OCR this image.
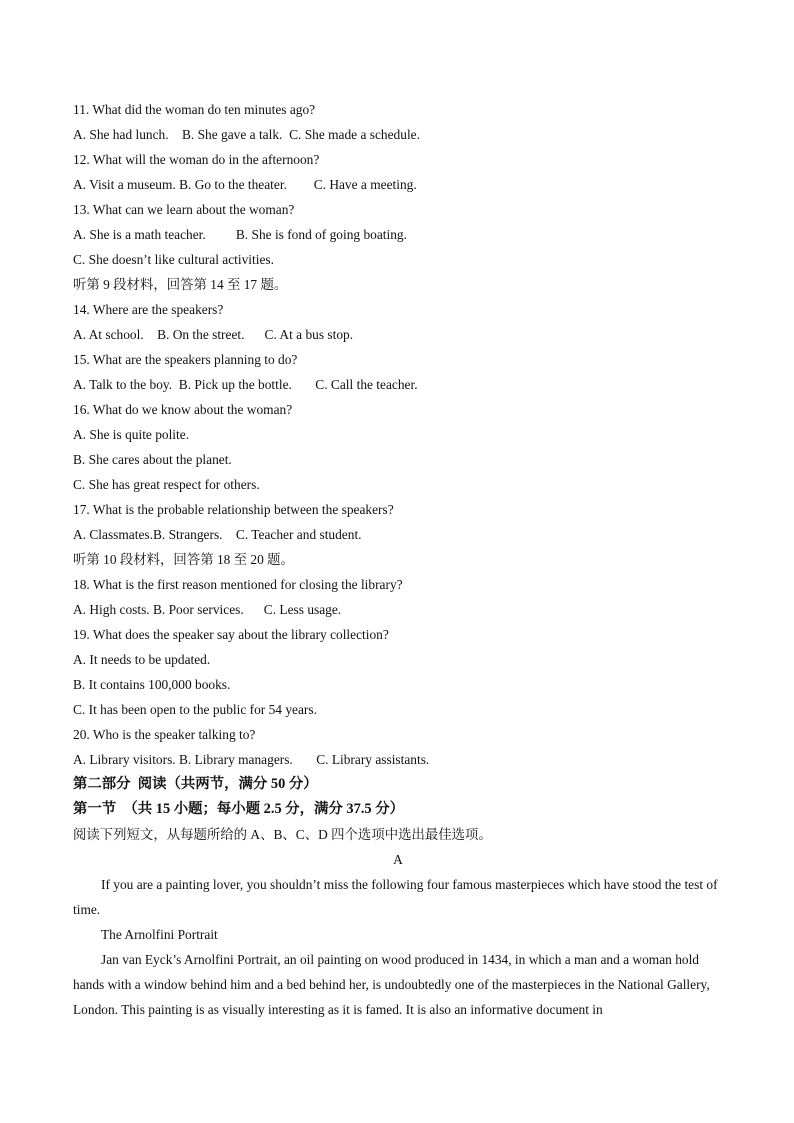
11. What did the woman do ten minutes ago?
A. She had lunch.    B. She gave a talk.  C. She made a schedule.
12. What will the woman do in the afternoon?
A. Visit a museum. B. Go to the theater.        C. Have a meeting.
13. What can we learn about the woman?
A. She is a math teacher.         B. She is fond of going boating.
C. She doesn’t like cultural activities.
听第 9 段材料，回答第 14 至 17 题。
14. Where are the speakers?
A. At school.    B. On the street.      C. At a bus stop.
15. What are the speakers planning to do?
A. Talk to the boy.  B. Pick up the bottle.       C. Call the teacher.
16. What do we know about the woman?
A. She is quite polite.
B. She cares about the planet.
C. She has great respect for others.
17. What is the probable relationship between the speakers?
A. Classmates.B. Strangers.    C. Teacher and student.
听第 10 段材料，回答第 18 至 20 题。
18. What is the first reason mentioned for closing the library?
A. High costs. B. Poor services.      C. Less usage.
19. What does the speaker say about the library collection?
A. It needs to be updated.
B. It contains 100,000 books.
C. It has been open to the public for 54 years.
20. Who is the speaker talking to?
A. Library visitors. B. Library managers.       C. Library assistants.
第二部分  阅读（共两节，满分 50 分）
第一节  （共 15 小题；每小题 2.5 分，满分 37.5 分）
阅读下列短文，从每题所给的 A、B、C、D 四个选项中选出最佳选项。
A
If you are a painting lover, you shouldn’t miss the following four famous masterpieces which have stood the test of time.
The Arnolfini Portrait
Jan van Eyck’s Arnolfini Portrait, an oil painting on wood produced in 1434, in which a man and a woman hold hands with a window behind him and a bed behind her, is undoubtedly one of the masterpieces in the National Gallery, London. This painting is as visually interesting as it is famed. It is also an informative document in
